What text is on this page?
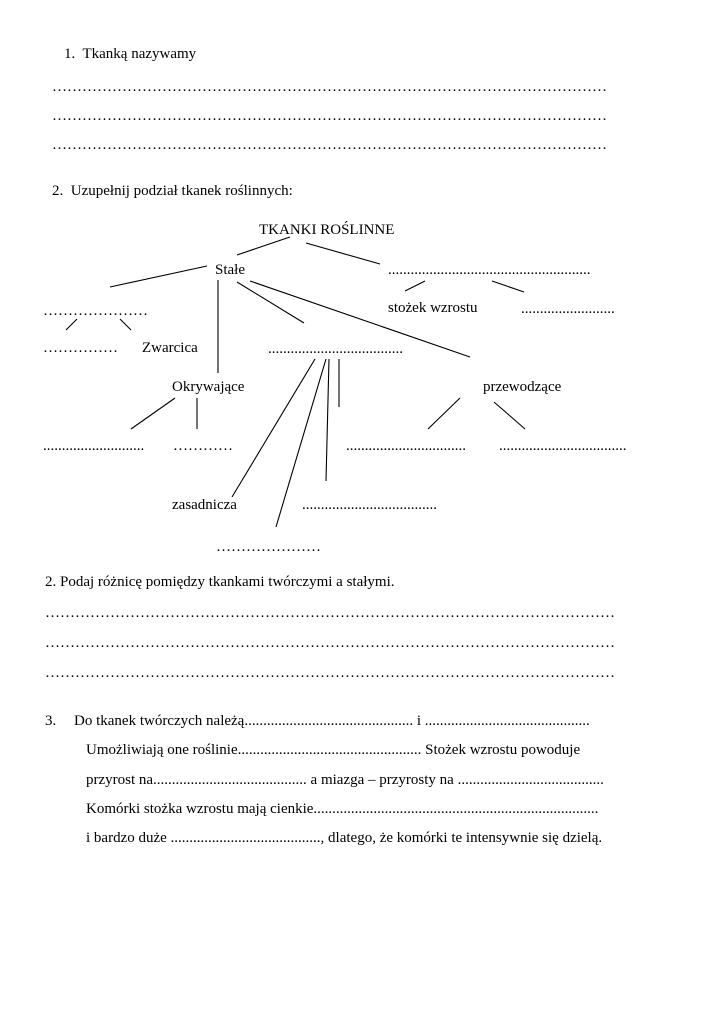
1.  Tkanką nazywamy
…………………………………………………………………………………………………
…………………………………………………………………………………………………
…………………………………………………………………………………………………
2.  Uzupełnij podział tkanek roślinnych:
TKANKI ROŚLINNE
Stałe	......................................................
…………………	stożek wzrostu	.........................
…………… Zwarcica	....................................
Okrywające	przewodzące
........................... …………	................................ ..................................
zasadnicza	....................................
…………………
2. Podaj różnicę pomiędzy tkankami twórczymi a stałymi.
……………………………………………………………………………………………………
……………………………………………………………………………………………………
……………………………………………………………………………………………………
3. Do tkanek twórczych należą............................................. i ............................................
Umożliwiają one roślinie................................................. Stożek wzrostu powoduje
przyrost na......................................... a miazga – przyrosty na .......................................
Komórki stożka wzrostu mają cienkie............................................................................
i bardzo duże ........................................, dlatego, że komórki te intensywnie się dzielą.
